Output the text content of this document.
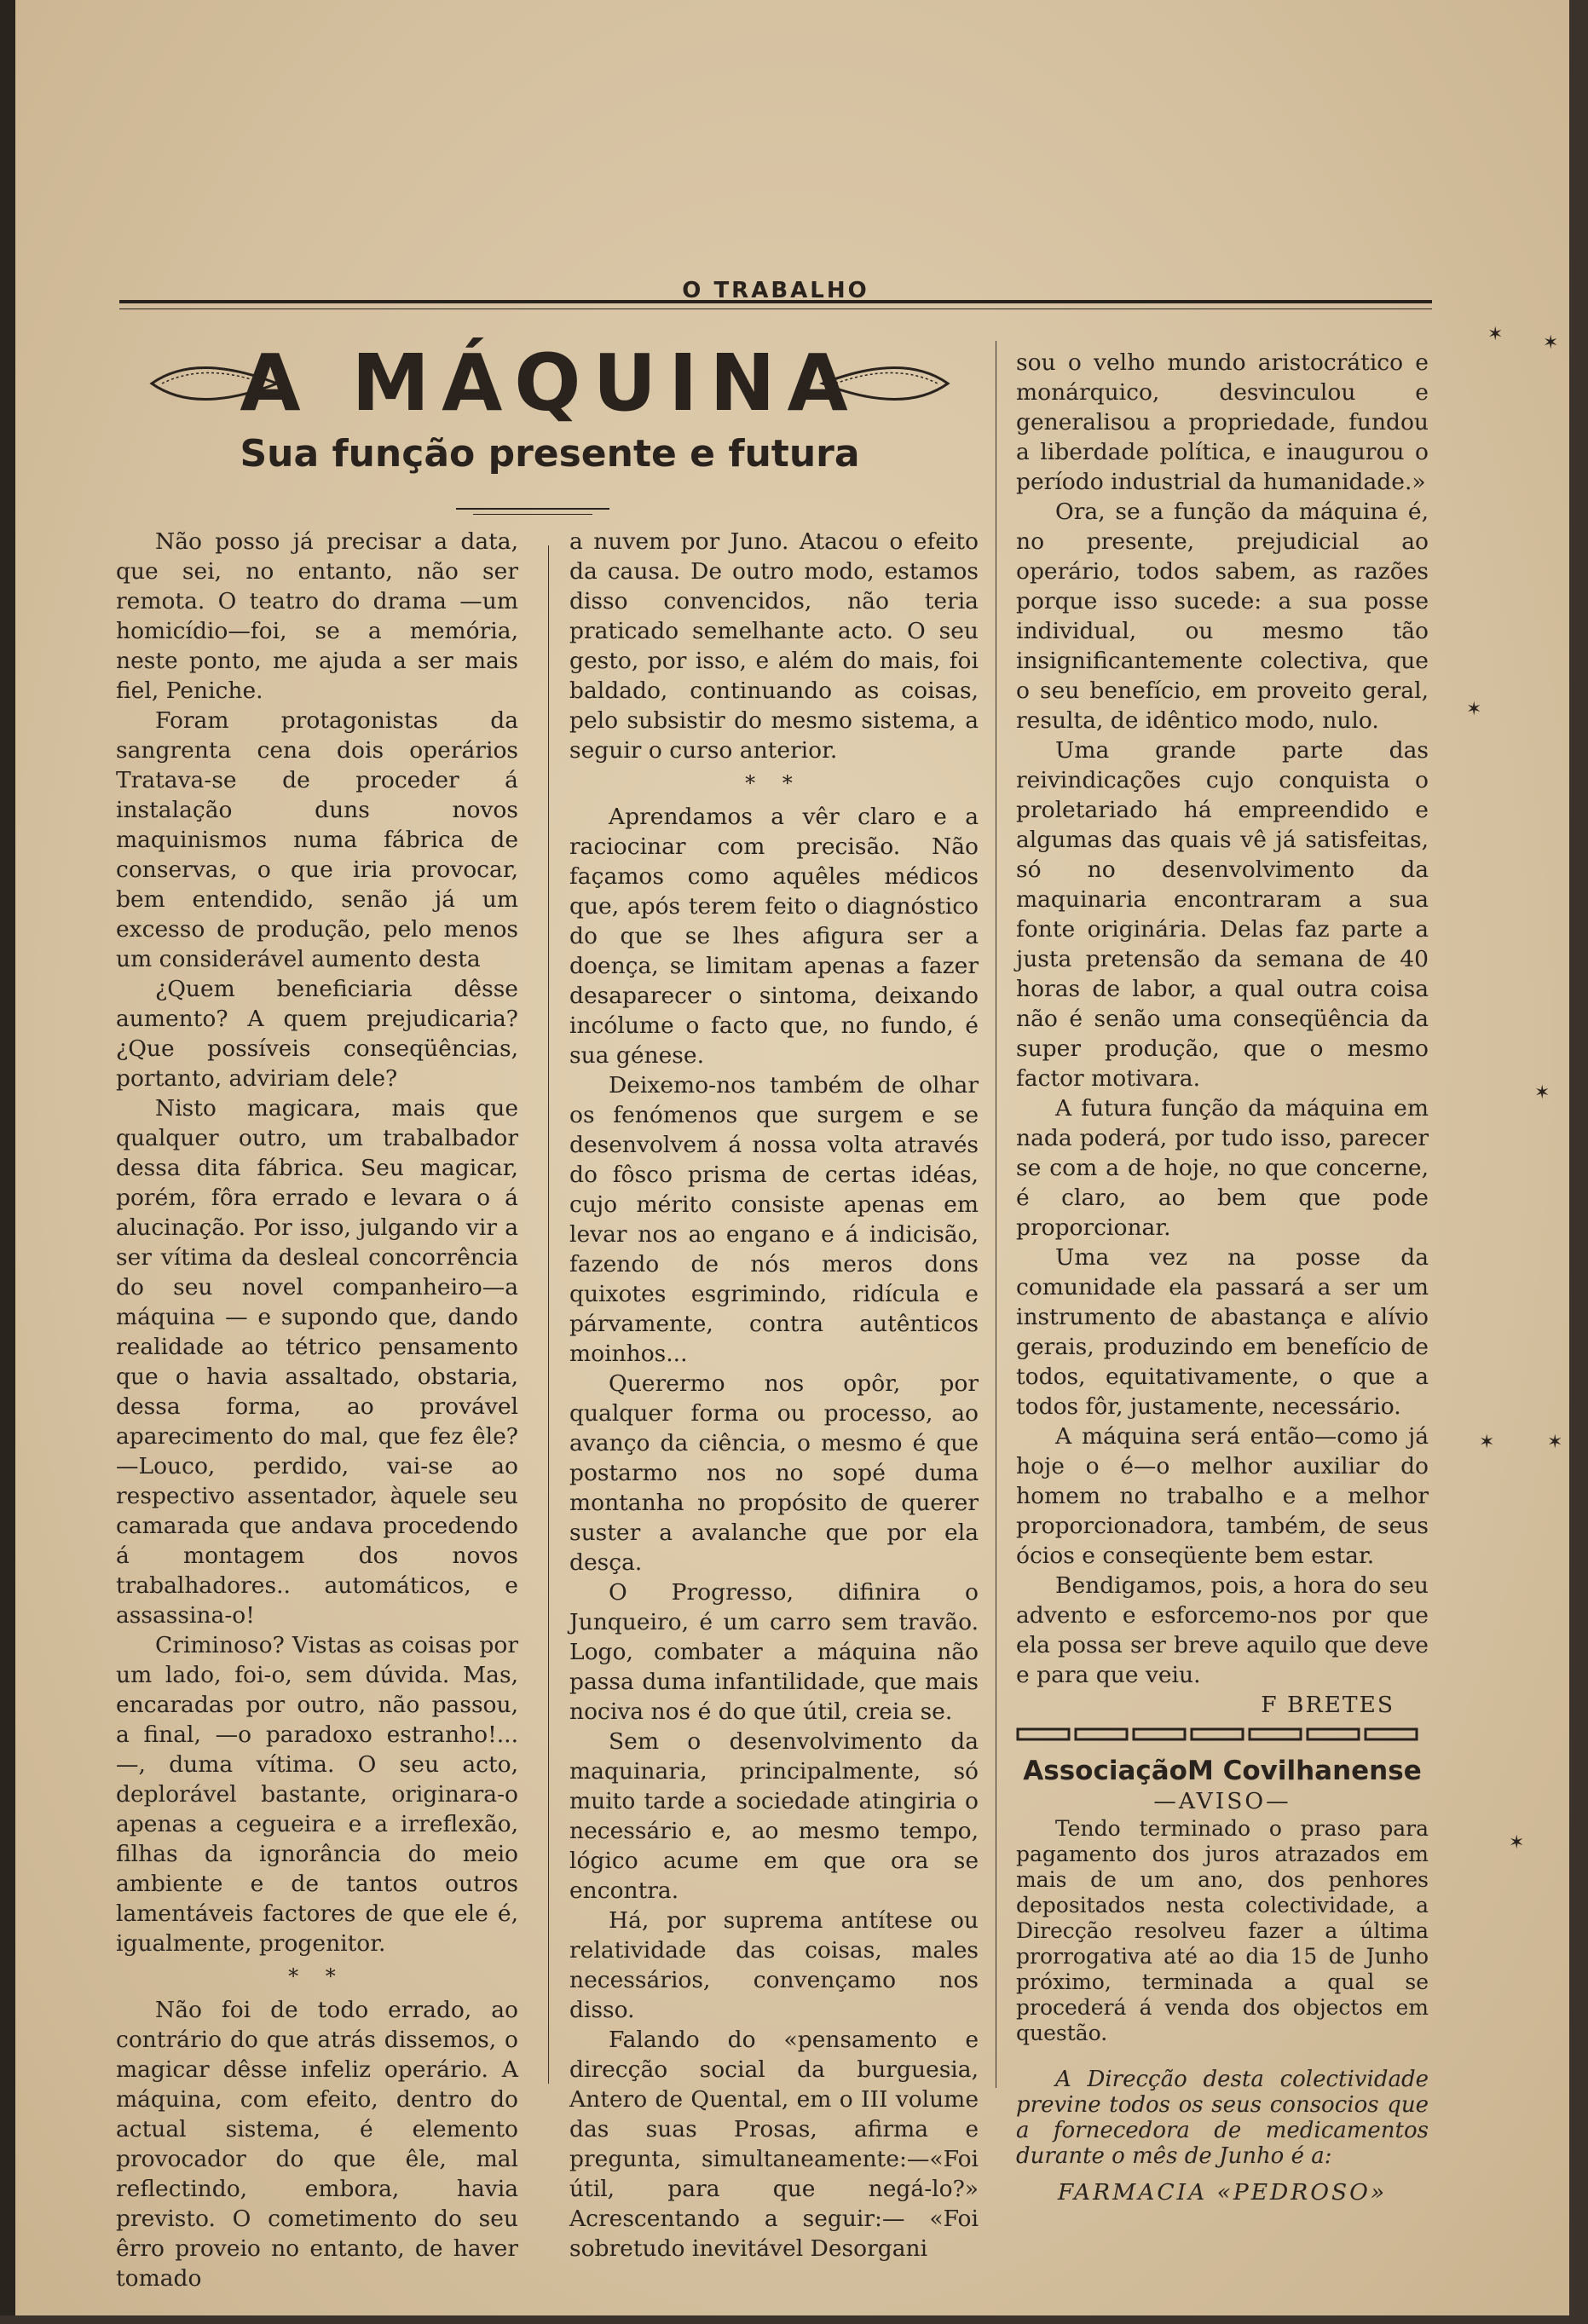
O TRABALHO
A MÁQUINA
Sua função presente e futura

Não posso já precisar a data, que sei, no entanto, não ser remota. O teatro do drama —um homicídio—foi, se a memória, neste ponto, me ajuda a ser mais fiel, Peniche.

Foram protagonistas da sangrenta cena dois operários Tratava-se de proceder á instalação duns novos maquinismos numa fábrica de conservas, o que iria provocar, bem entendido, senão já um excesso de produção, pelo menos um considerável aumento desta

¿Quem beneficiaria dêsse aumento? A quem prejudicaria? ¿Que possíveis conseqüências, portanto, adviriam dele?

Nisto magicara, mais que qualquer outro, um trabalbador dessa dita fábrica. Seu magicar, porém, fôra errado e levara o á alucinação. Por isso, julgando vir a ser vítima da desleal concorrência do seu novel companheiro—a máquina — e supondo que, dando realidade ao tétrico pensamento que o havia assaltado, obstaria, dessa forma, ao provável aparecimento do mal, que fez êle?—Louco, perdido, vai-se ao respectivo assentador, àquele seu camarada que andava procedendo á montagem dos novos trabalhadores.. automáticos, e assassina-o!

Criminoso? Vistas as coisas por um lado, foi-o, sem dúvida. Mas, encaradas por outro, não passou, a final, —o paradoxo estranho!...—, duma vítima. O seu acto, deplorável bastante, originara-o apenas a cegueira e a irreflexão, filhas da ignorância do meio ambiente e de tantos outros lamentáveis factores de que ele é, igualmente, progenitor.

* *

Não foi de todo errado, ao contrário do que atrás dissemos, o magicar dêsse infeliz operário. A máquina, com efeito, dentro do actual sistema, é elemento provocador do que êle, mal reflectindo, embora, havia previsto. O cometimento do seu êrro proveio no entanto, de haver tomado

a nuvem por Juno. Atacou o efeito da causa. De outro modo, estamos disso convencidos, não teria praticado semelhante acto. O seu gesto, por isso, e além do mais, foi baldado, continuando as coisas, pelo subsistir do mesmo sistema, a seguir o curso anterior.

* *

Aprendamos a vêr claro e a raciocinar com precisão. Não façamos como aquêles médicos que, após terem feito o diagnóstico do que se lhes afigura ser a doença, se limitam apenas a fazer desaparecer o sintoma, deixando incólume o facto que, no fundo, é sua génese.

Deixemo-nos também de olhar os fenómenos que surgem e se desenvolvem á nossa volta através do fôsco prisma de certas idéas, cujo mérito consiste apenas em levar nos ao engano e á indicisão, fazendo de nós meros dons quixotes esgrimindo, ridícula e párvamente, contra autênticos moinhos...

Querermo nos opôr, por qualquer forma ou processo, ao avanço da ciência, o mesmo é que postarmo nos no sopé duma montanha no propósito de querer suster a avalanche que por ela desça.

O Progresso, difinira o Junqueiro, é um carro sem travão. Logo, combater a máquina não passa duma infantilidade, que mais nociva nos é do que útil, creia se.

Sem o desenvolvimento da maquinaria, principalmente, só muito tarde a sociedade atingiria o necessário e, ao mesmo tempo, lógico acume em que ora se encontra.

Há, por suprema antítese ou relatividade das coisas, males necessários, convençamo nos disso.

Falando do «pensamento e direcção social da burguesia, Antero de Quental, em o III volume das suas Prosas, afirma e pregunta, simultaneamente:—«Foi útil, para que negá-lo?» Acrescentando a seguir:— «Foi sobretudo inevitável Desorgani

sou o velho mundo aristocrático e monárquico, desvinculou e generalisou a propriedade, fundou a liberdade política, e inaugurou o período industrial da humanidade.»

Ora, se a função da máquina é, no presente, prejudicial ao operário, todos sabem, as razões porque isso sucede: a sua posse individual, ou mesmo tão insignificantemente colectiva, que o seu benefício, em proveito geral, resulta, de idêntico modo, nulo.

Uma grande parte das reivindicações cujo conquista o proletariado há empreendido e algumas das quais vê já satisfeitas, só no desenvolvimento da maquinaria encontraram a sua fonte originária. Delas faz parte a justa pretensão da semana de 40 horas de labor, a qual outra coisa não é senão uma conseqüência da super produção, que o mesmo factor motivara.

A futura função da máquina em nada poderá, por tudo isso, parecer se com a de hoje, no que concerne, é claro, ao bem que pode proporcionar.

Uma vez na posse da comunidade ela passará a ser um instrumento de abastança e alívio gerais, produzindo em benefício de todos, equitativamente, o que a todos fôr, justamente, necessário.

A máquina será então—como já hoje o é—o melhor auxiliar do homem no trabalho e a melhor proporcionadora, também, de seus ócios e conseqüente bem estar.

Bendigamos, pois, a hora do seu advento e esforcemo-nos por que ela possa ser breve aquilo que deve e para que veiu.

F BRETES
AssociaçãoM Covilhanense
—AVISO—

Tendo terminado o praso para pagamento dos juros atrazados em mais de um ano, dos penhores depositados nesta colectividade, a Direcção resolveu fazer a última prorrogativa até ao dia 15 de Junho próximo, terminada a qual se procederá á venda dos objectos em questão.

A Direcção desta colectividade previne todos os seus consocios que a fornecedora de medicamentos durante o mês de Junho é a:

FARMACIA «PEDROSO»
✶ ✶
✶
✶
✶	✶
✶
